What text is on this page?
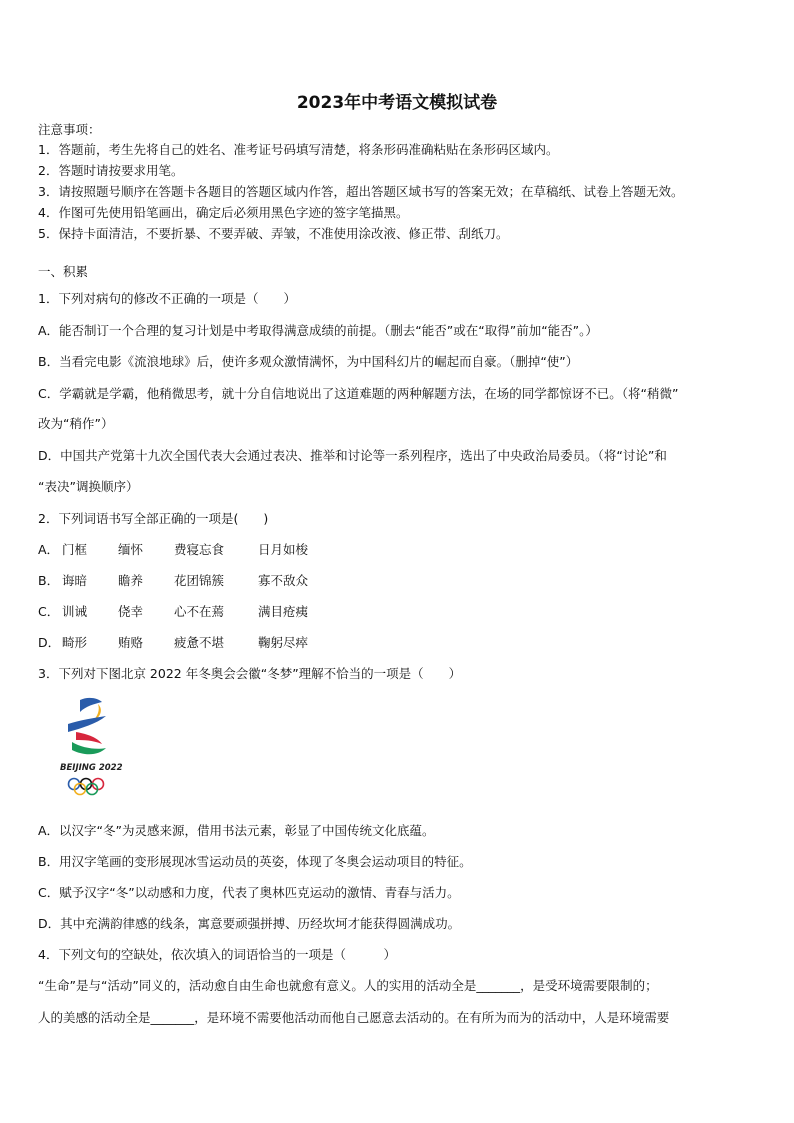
2023年中考语文模拟试卷
注意事项：
1．答题前，考生先将自己的姓名、准考证号码填写清楚，将条形码准确粘贴在条形码区域内。
2．答题时请按要求用笔。
3．请按照题号顺序在答题卡各题目的答题区域内作答，超出答题区域书写的答案无效；在草稿纸、试卷上答题无效。
4．作图可先使用铅笔画出，确定后必须用黑色字迹的签字笔描黑。
5．保持卡面清洁，不要折暴、不要弄破、弄皱，不准使用涂改液、修正带、刮纸刀。
一、积累
1．下列对病句的修改不正确的一项是（　　）
A．能否制订一个合理的复习计划是中考取得满意成绩的前提。（删去“能否”或在“取得”前加“能否”。）
B．当看完电影《流浪地球》后，使许多观众激情满怀，为中国科幻片的崛起而自豪。（删掉“使”）
C．学霸就是学霸，他稍微思考，就十分自信地说出了这道难题的两种解题方法，在场的同学都惊讶不已。（将“稍微”
改为“稍作”）
D．中国共产党第十九次全国代表大会通过表决、推举和讨论等一系列程序，选出了中央政治局委员。（将“讨论”和
“表决”调换顺序）
2．下列词语书写全部正确的一项是(　　)
A． 门框 缅怀 费寝忘食	日月如梭
B． 诲暗 瞻养 花团锦簇	寡不敌众
C． 训诫 侥幸 心不在蔫	满目疮痍
D． 畸形 贿赂 疲惫不堪	鞠躬尽瘁
3．下列对下图北京 2022 年冬奥会会徽“冬梦”理解不恰当的一项是（　　）
BEIJING 2022
A．以汉字“冬”为灵感来源，借用书法元素，彰显了中国传统文化底蕴。
B．用汉字笔画的变形展现冰雪运动员的英姿，体现了冬奥会运动项目的特征。
C．赋予汉字“冬”以动感和力度，代表了奥林匹克运动的激情、青春与活力。
D．其中充满韵律感的线条，寓意要顽强拼搏、历经坎坷才能获得圆满成功。
4．下列文句的空缺处，依次填入的词语恰当的一项是（　　　）
“生命”是与“活动”同义的，活动愈自由生命也就愈有意义。人的实用的活动全是_______，是受环境需要限制的；
人的美感的活动全是_______，是环境不需要他活动而他自己愿意去活动的。在有所为而为的活动中，人是环境需要
